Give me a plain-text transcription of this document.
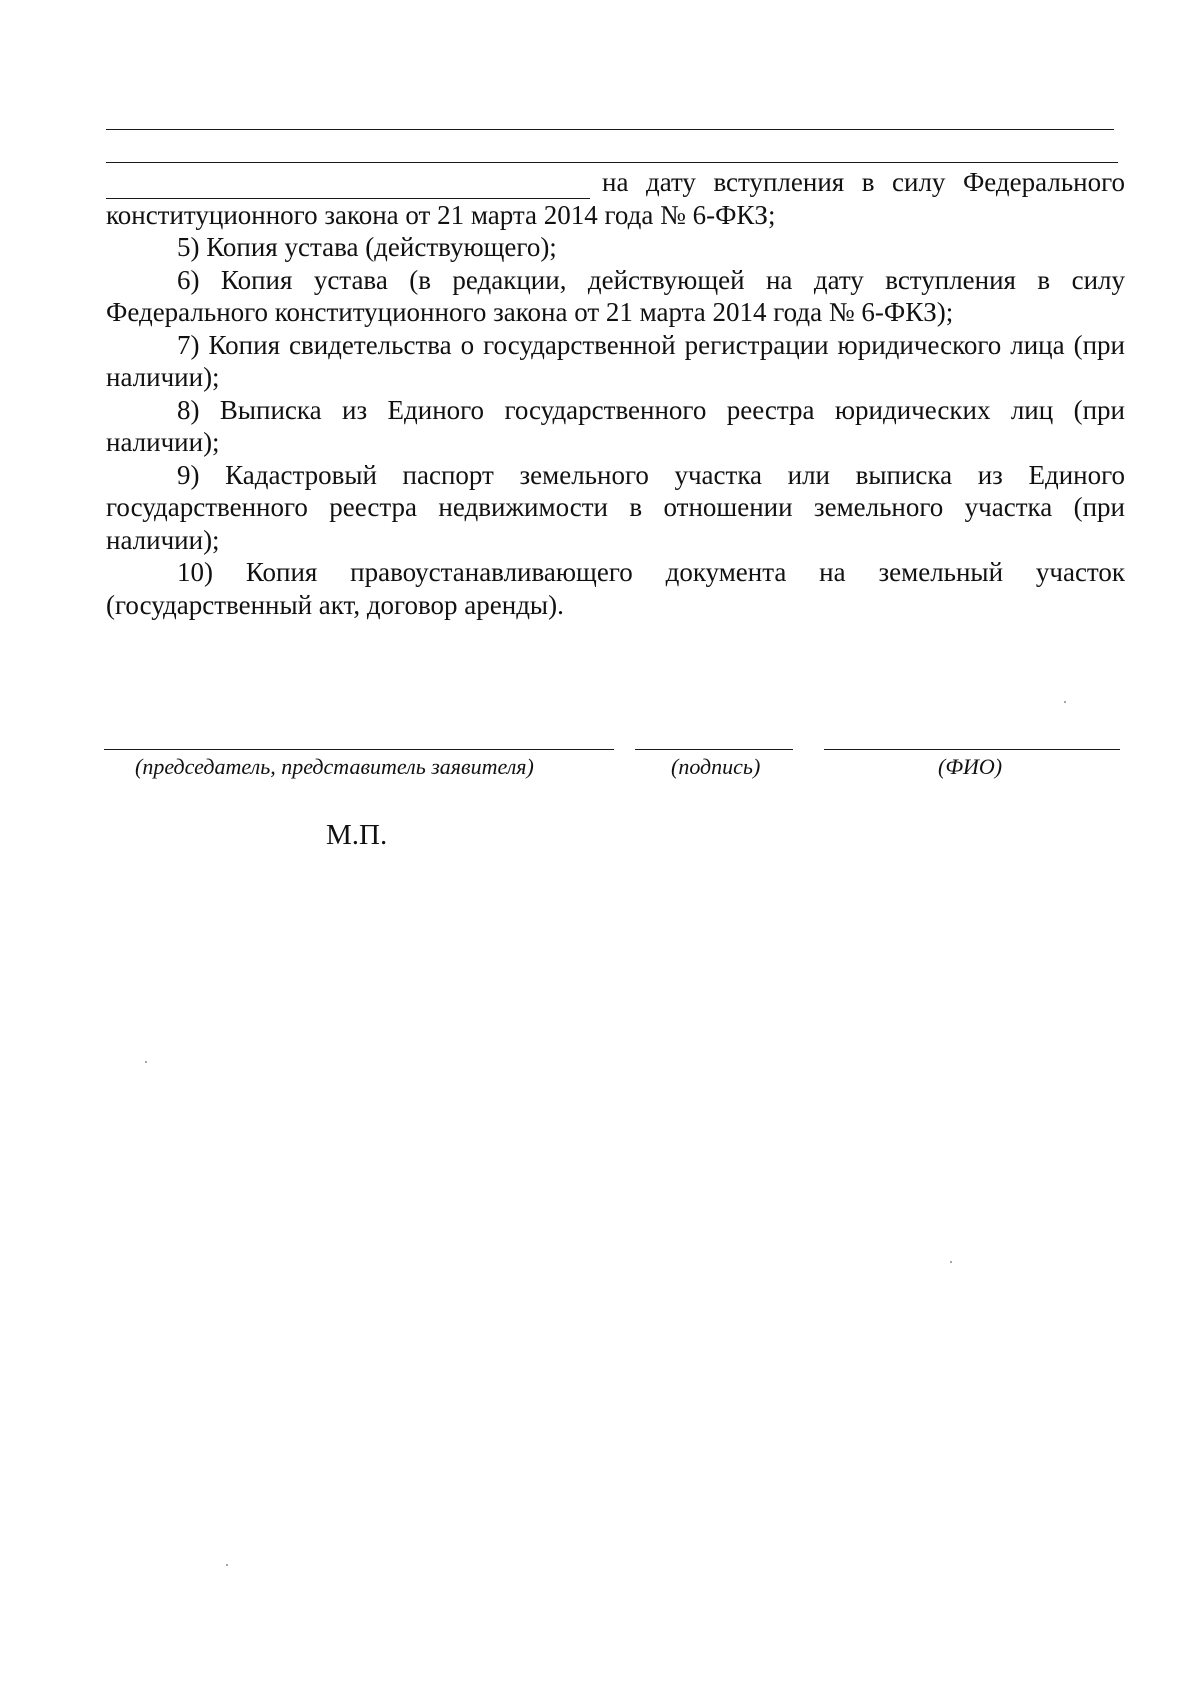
на дату вступления в силу Федерального

конституционного закона от 21 марта 2014 года № 6-ФКЗ;

5) Копия устава (действующего);

6) Копия устава (в редакции, действующей на дату вступления в силу Федерального конституционного закона от 21 марта 2014 года № 6-ФКЗ);

7) Копия свидетельства о государственной регистрации юридического лица (при наличии);

8) Выписка из Единого государственного реестра юридических лиц (при наличии);

9) Кадастровый паспорт земельного участка или выписка из Единого государственного реестра недвижимости в отношении земельного участка (при наличии);

10) Копия правоустанавливающего документа на земельный участок (государственный акт, договор аренды).

(председатель, представитель заявителя)	(подпись)	(ФИО)
М.П.
